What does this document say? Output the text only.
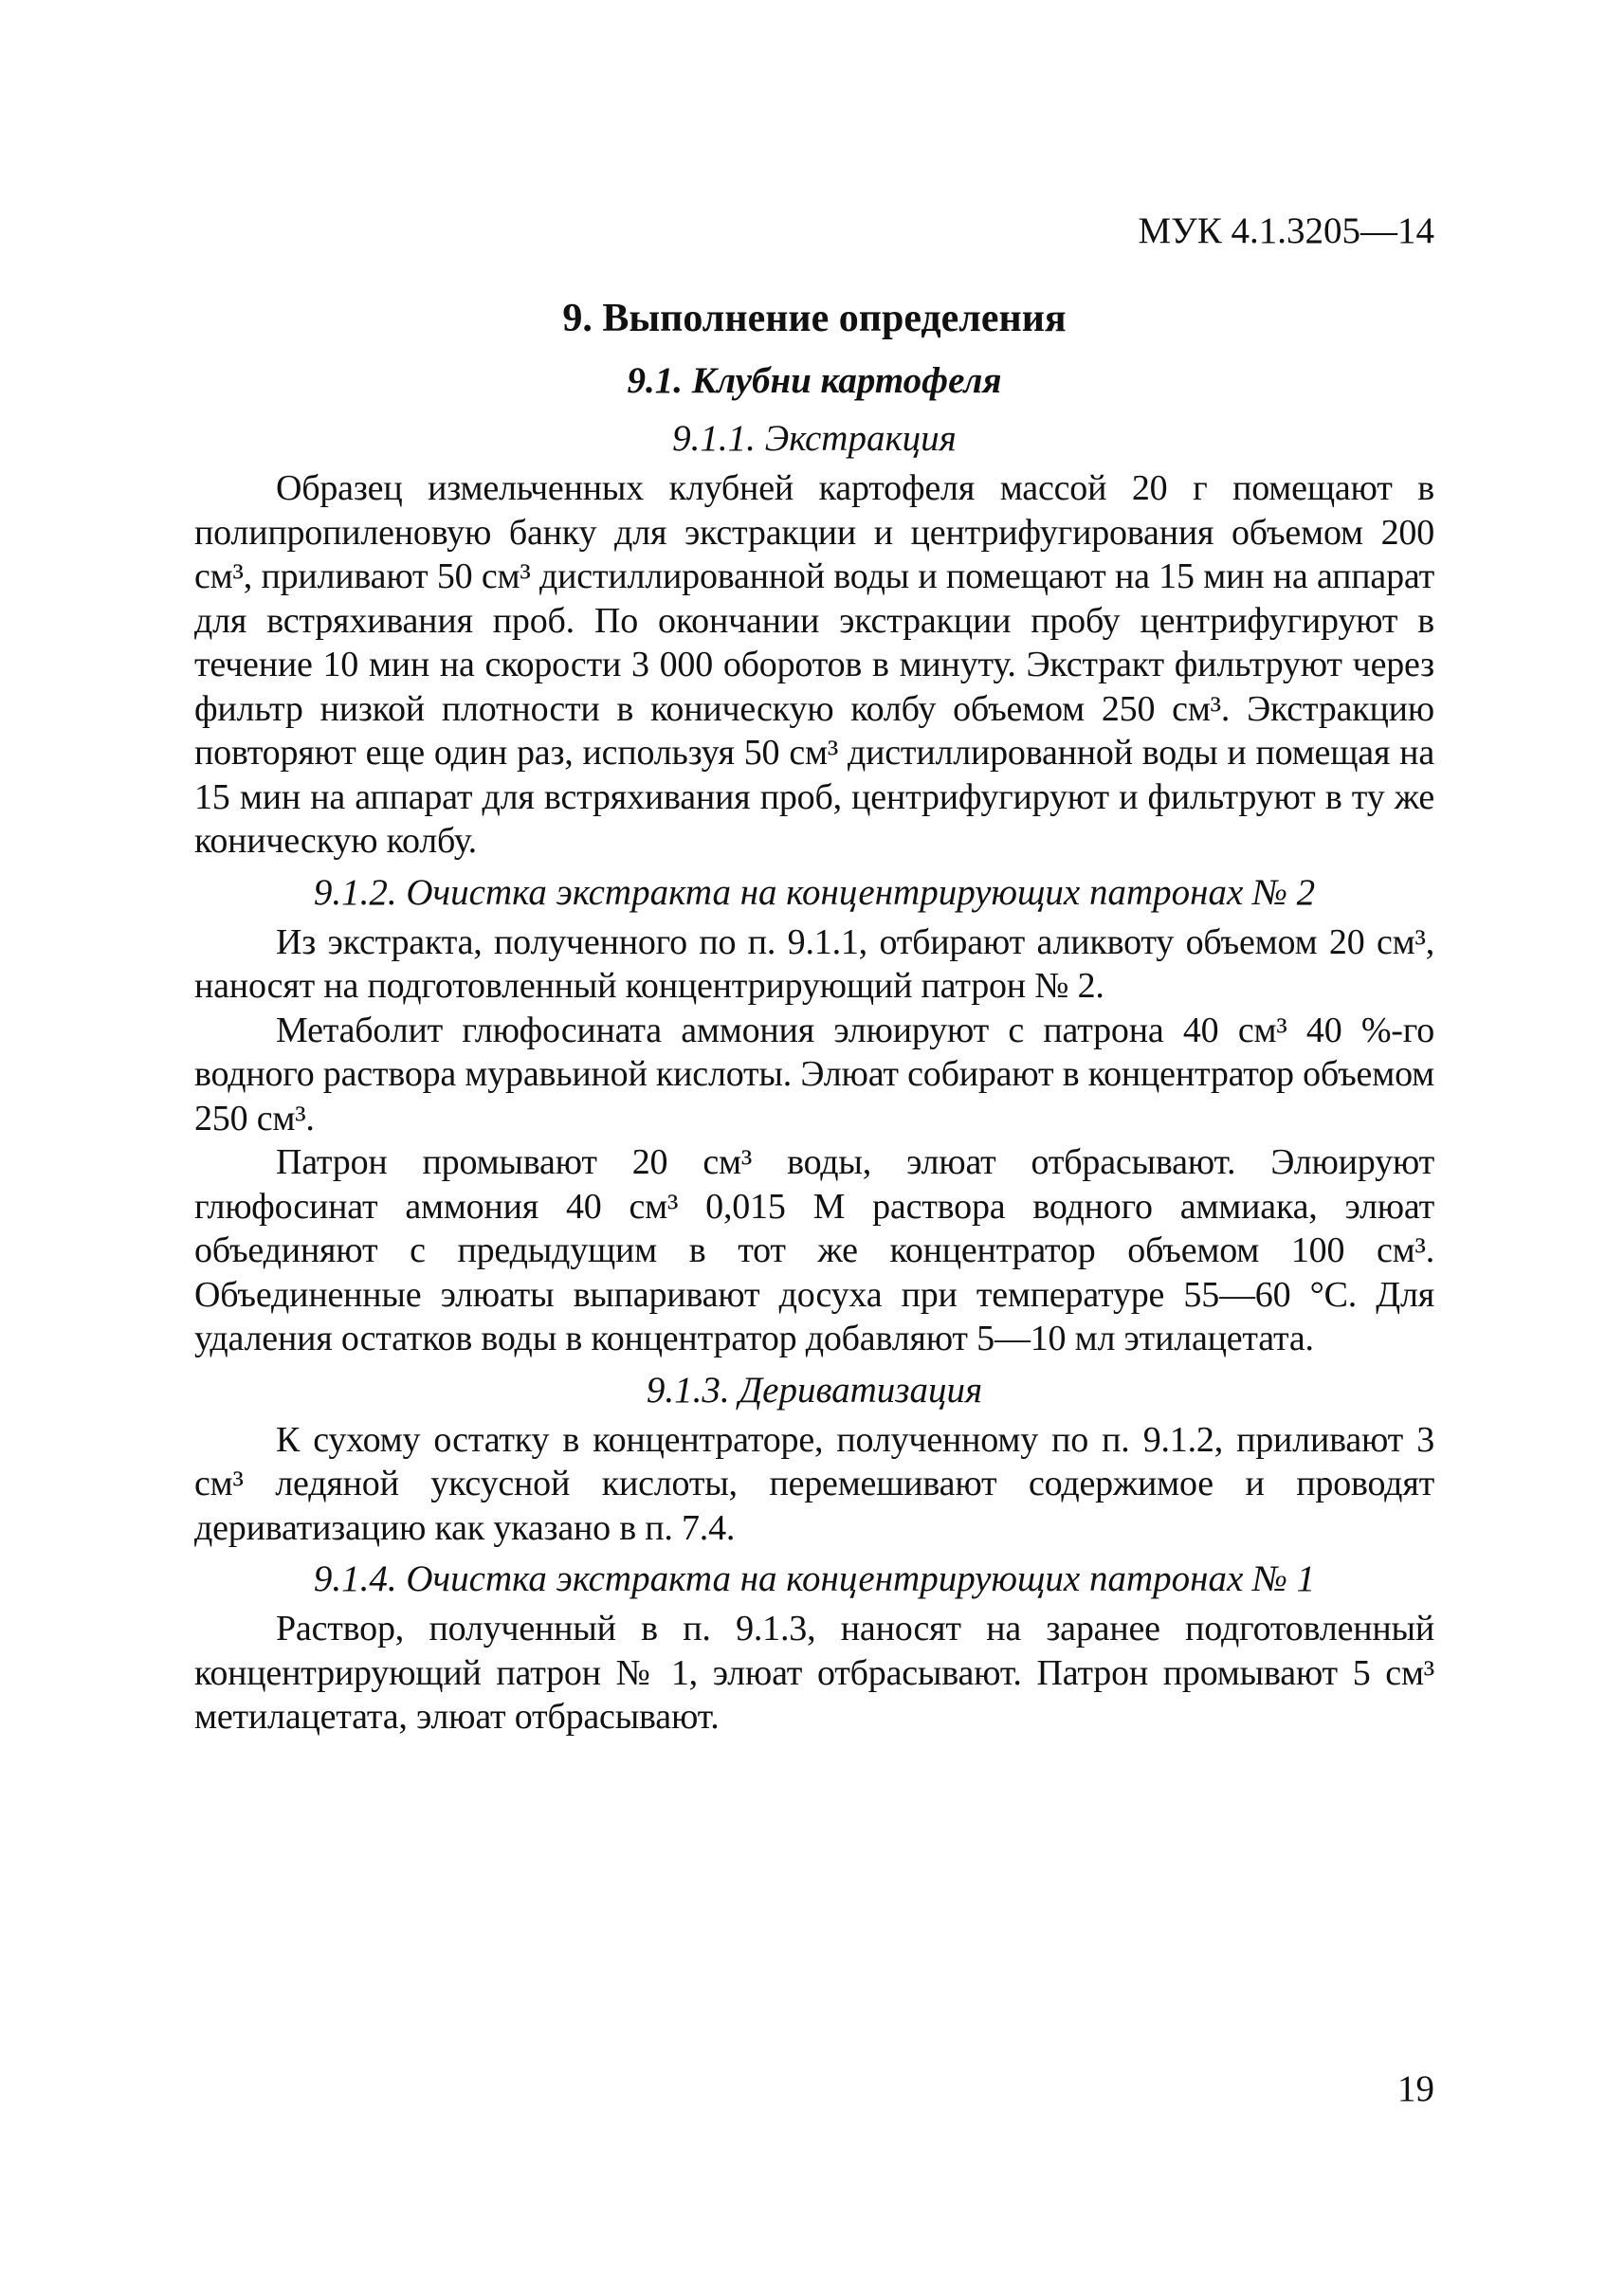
МУК 4.1.3205—14
9. Выполнение определения
9.1. Клубни картофеля
9.1.1. Экстракция

Образец измельченных клубней картофеля массой 20 г помещают в полипропиленовую банку для экстракции и центрифугирования объемом 200 см³, приливают 50 см³ дистиллированной воды и помещают на 15 мин на аппарат для встряхивания проб. По окончании экстракции пробу центрифугируют в течение 10 мин на скорости 3 000 оборотов в минуту. Экстракт фильтруют через фильтр низкой плотности в коническую колбу объемом 250 см³. Экстракцию повторяют еще один раз, используя 50 см³ дистиллированной воды и помещая на 15 мин на аппарат для встряхивания проб, центрифугируют и фильтруют в ту же коническую колбу.

9.1.2. Очистка экстракта на концентрирующих патронах № 2

Из экстракта, полученного по п. 9.1.1, отбирают аликвоту объемом 20 см³, наносят на подготовленный концентрирующий патрон № 2.

Метаболит глюфосината аммония элюируют с патрона 40 см³ 40 %-го водного раствора муравьиной кислоты. Элюат собирают в концентратор объемом 250 см³.

Патрон промывают 20 см³ воды, элюат отбрасывают. Элюируют глюфосинат аммония 40 см³ 0,015 М раствора водного аммиака, элюат объединяют с предыдущим в тот же концентратор объемом 100 см³. Объединенные элюаты выпаривают досуха при температуре 55—60 °С. Для удаления остатков воды в концентратор добавляют 5—10 мл этилацетата.

9.1.3. Дериватизация

К сухому остатку в концентраторе, полученному по п. 9.1.2, приливают 3 см³ ледяной уксусной кислоты, перемешивают содержимое и проводят дериватизацию как указано в п. 7.4.

9.1.4. Очистка экстракта на концентрирующих патронах № 1

Раствор, полученный в п. 9.1.3, наносят на заранее подготовленный концентрирующий патрон № 1, элюат отбрасывают. Патрон промывают 5 см³ метилацетата, элюат отбрасывают.

19
